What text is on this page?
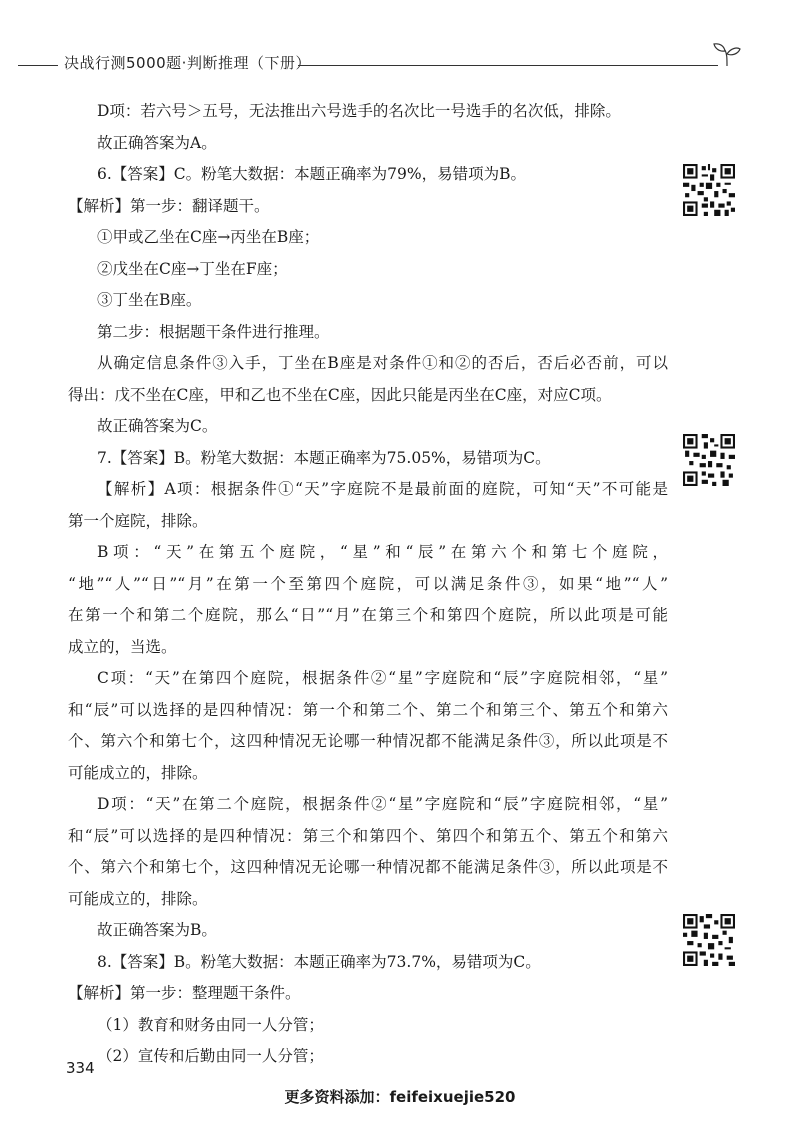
决战行测5000题·判断推理（下册）
D项：若六号＞五号，无法推出六号选手的名次比一号选手的名次低，排除。
故正确答案为A。
6.【答案】C。粉笔大数据：本题正确率为79%，易错项为B。
【解析】第一步：翻译题干。
①甲或乙坐在C座→丙坐在B座；
②戊坐在C座→丁坐在F座；
③丁坐在B座。
第二步：根据题干条件进行推理。
从确定信息条件③入手，丁坐在B座是对条件①和②的否后，否后必否前，可以
得出：戊不坐在C座，甲和乙也不坐在C座，因此只能是丙坐在C座，对应C项。
故正确答案为C。
7.【答案】B。粉笔大数据：本题正确率为75.05%，易错项为C。
【解析】A项：根据条件①“天”字庭院不是最前面的庭院，可知“天”不可能是
第一个庭院，排除。
B项：“天”在第五个庭院，“星”和“辰”在第六个和第七个庭院，
“地”“人”“日”“月”在第一个至第四个庭院，可以满足条件③，如果“地”“人”
在第一个和第二个庭院，那么“日”“月”在第三个和第四个庭院，所以此项是可能
成立的，当选。
C项：“天”在第四个庭院，根据条件②“星”字庭院和“辰”字庭院相邻，“星”
和“辰”可以选择的是四种情况：第一个和第二个、第二个和第三个、第五个和第六
个、第六个和第七个，这四种情况无论哪一种情况都不能满足条件③，所以此项是不
可能成立的，排除。
D项：“天”在第二个庭院，根据条件②“星”字庭院和“辰”字庭院相邻，“星”
和“辰”可以选择的是四种情况：第三个和第四个、第四个和第五个、第五个和第六
个、第六个和第七个，这四种情况无论哪一种情况都不能满足条件③，所以此项是不
可能成立的，排除。
故正确答案为B。
8.【答案】B。粉笔大数据：本题正确率为73.7%，易错项为C。
【解析】第一步：整理题干条件。
（1）教育和财务由同一人分管；
（2）宣传和后勤由同一人分管；
334
更多资料添加：feifeixuejie520
